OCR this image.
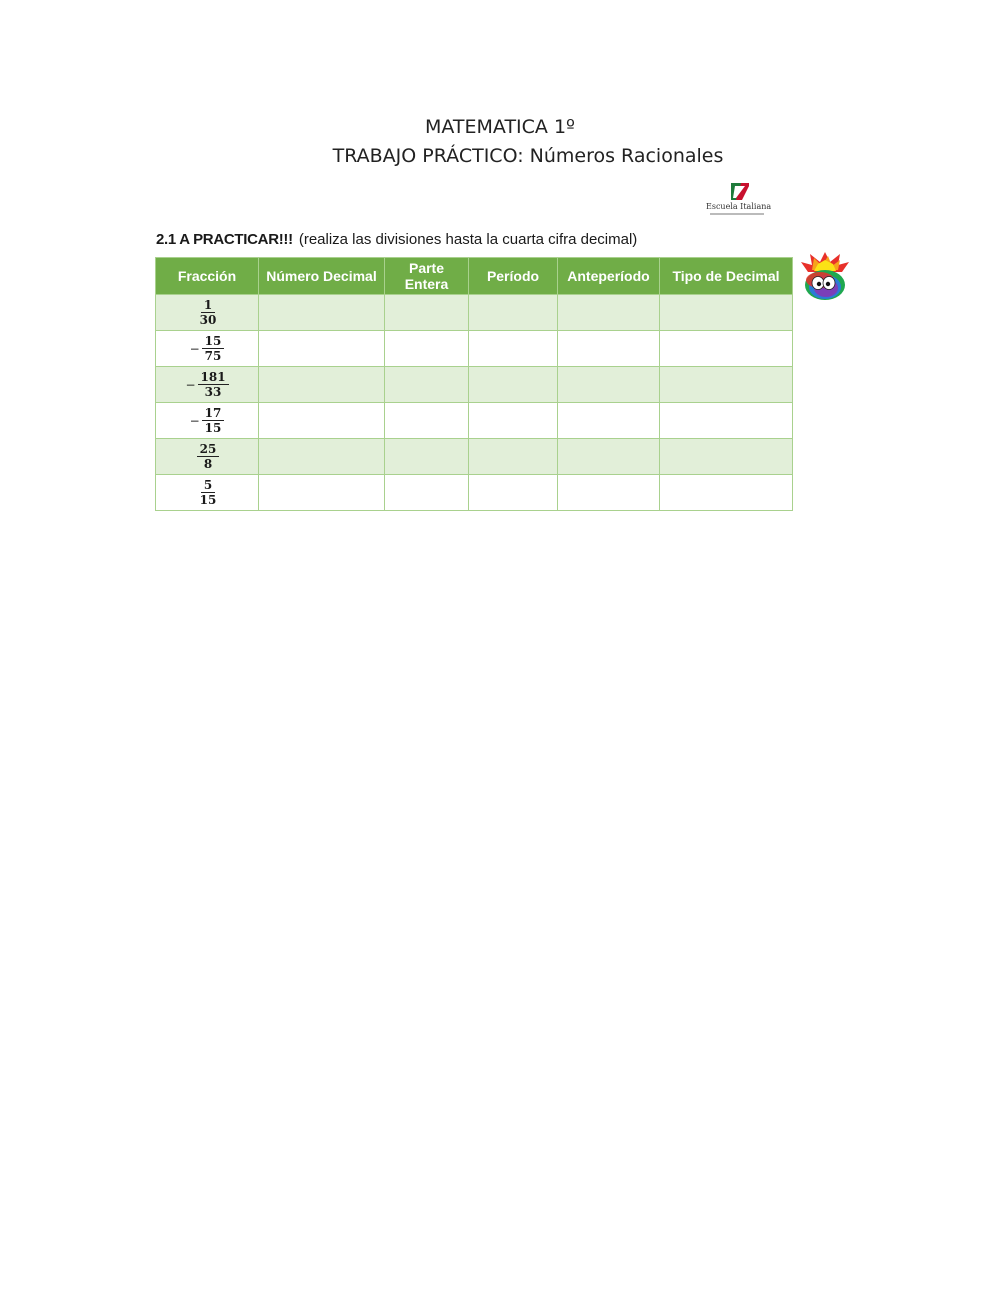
MATEMATICA 1º
TRABAJO PRÁCTICO: Números Racionales
Escuela Italiana
2.1 A PRACTICAR!!! (realiza las divisiones hasta la cuarta cifra decimal)
Fracción	Número Decimal	Parte Entera	Período	Anteperíodo	Tipo de Decimal

$\frac{1}{30}$

− $\frac{15}{75}$

− $\frac{181}{33}$

− $\frac{17}{15}$

$\frac{25}{8}$

$\frac{5}{15}$
